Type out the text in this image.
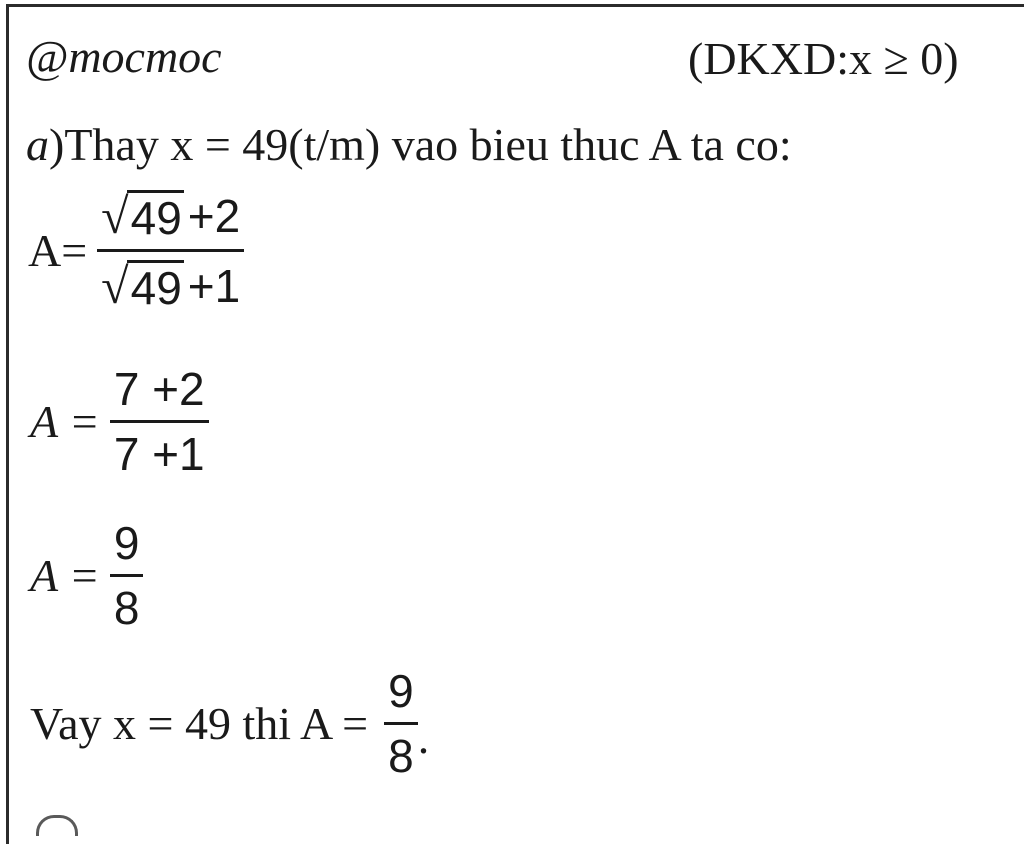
@mocmoc	(DKXD:x ≥ 0)
a)Thay x = 49(t/m) vao bieu thuc A ta co:
$A= \frac{√ 49 +2}{√ 49 +1}$
$A = \frac{7 +2}{7 +1}$
$A = \frac{9}{8}$
Vay x = 49 thi $A = \frac{9}{8}$ .
